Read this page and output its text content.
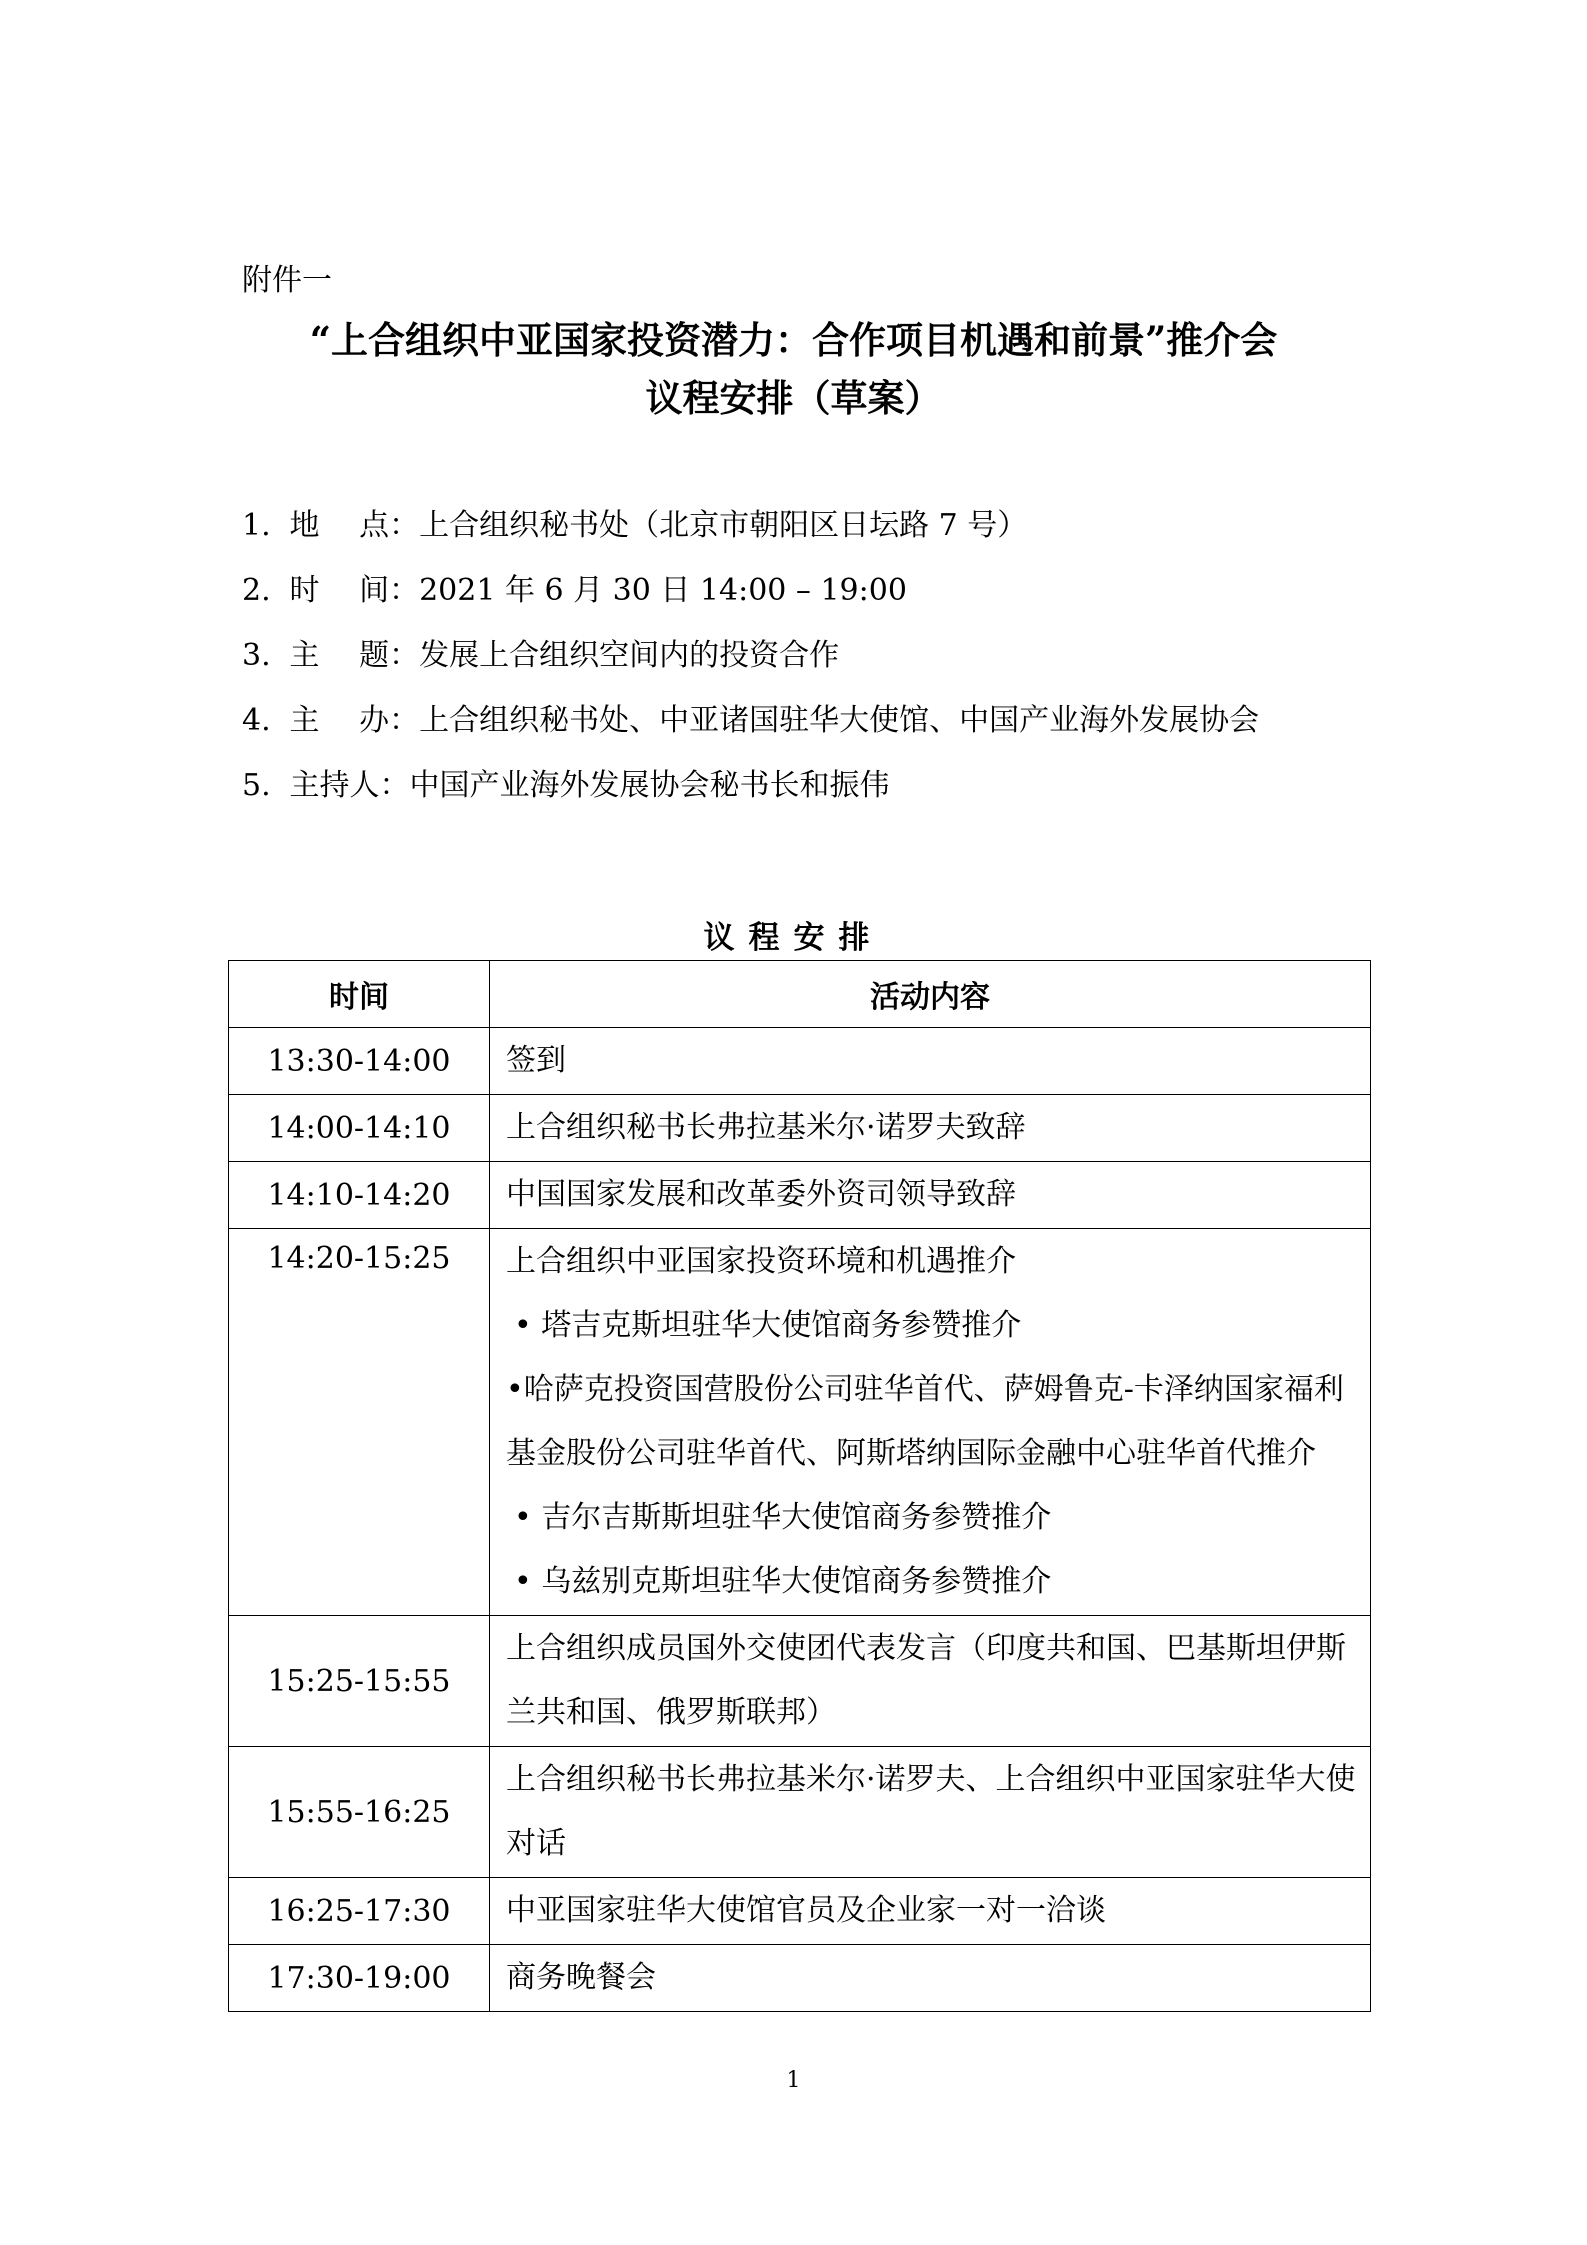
附件一
“上合组织中亚国家投资潜力：合作项目机遇和前景”推介会
议程安排（草案）
1. 地　 点：上合组织秘书处（北京市朝阳区日坛路 7 号）
2. 时　 间：2021 年 6 月 30 日 14:00 – 19:00
3. 主　 题：发展上合组织空间内的投资合作
4. 主　 办：上合组织秘书处、中亚诸国驻华大使馆、中国产业海外发展协会
5. 主持人：中国产业海外发展协会秘书长和振伟
议程安排
时间	活动内容
13:30-14:00	签到

14:00-14:10	上合组织秘书长弗拉基米尔·诺罗夫致辞

14:10-14:20	中国国家发展和改革委外资司领导致辞

14:20-15:25	上合组织中亚国家投资环境和机遇推介
• 塔吉克斯坦驻华大使馆商务参赞推介
•哈萨克投资国营股份公司驻华首代、萨姆鲁克-卡泽纳国家福利基金股份公司驻华首代、阿斯塔纳国际金融中心驻华首代推介
• 吉尔吉斯斯坦驻华大使馆商务参赞推介
• 乌兹别克斯坦驻华大使馆商务参赞推介

15:25-15:55	上合组织成员国外交使团代表发言（印度共和国、巴基斯坦伊斯兰共和国、俄罗斯联邦）

15:55-16:25	上合组织秘书长弗拉基米尔·诺罗夫、上合组织中亚国家驻华大使对话

16:25-17:30	中亚国家驻华大使馆官员及企业家一对一洽谈

17:30-19:00	商务晚餐会
1
